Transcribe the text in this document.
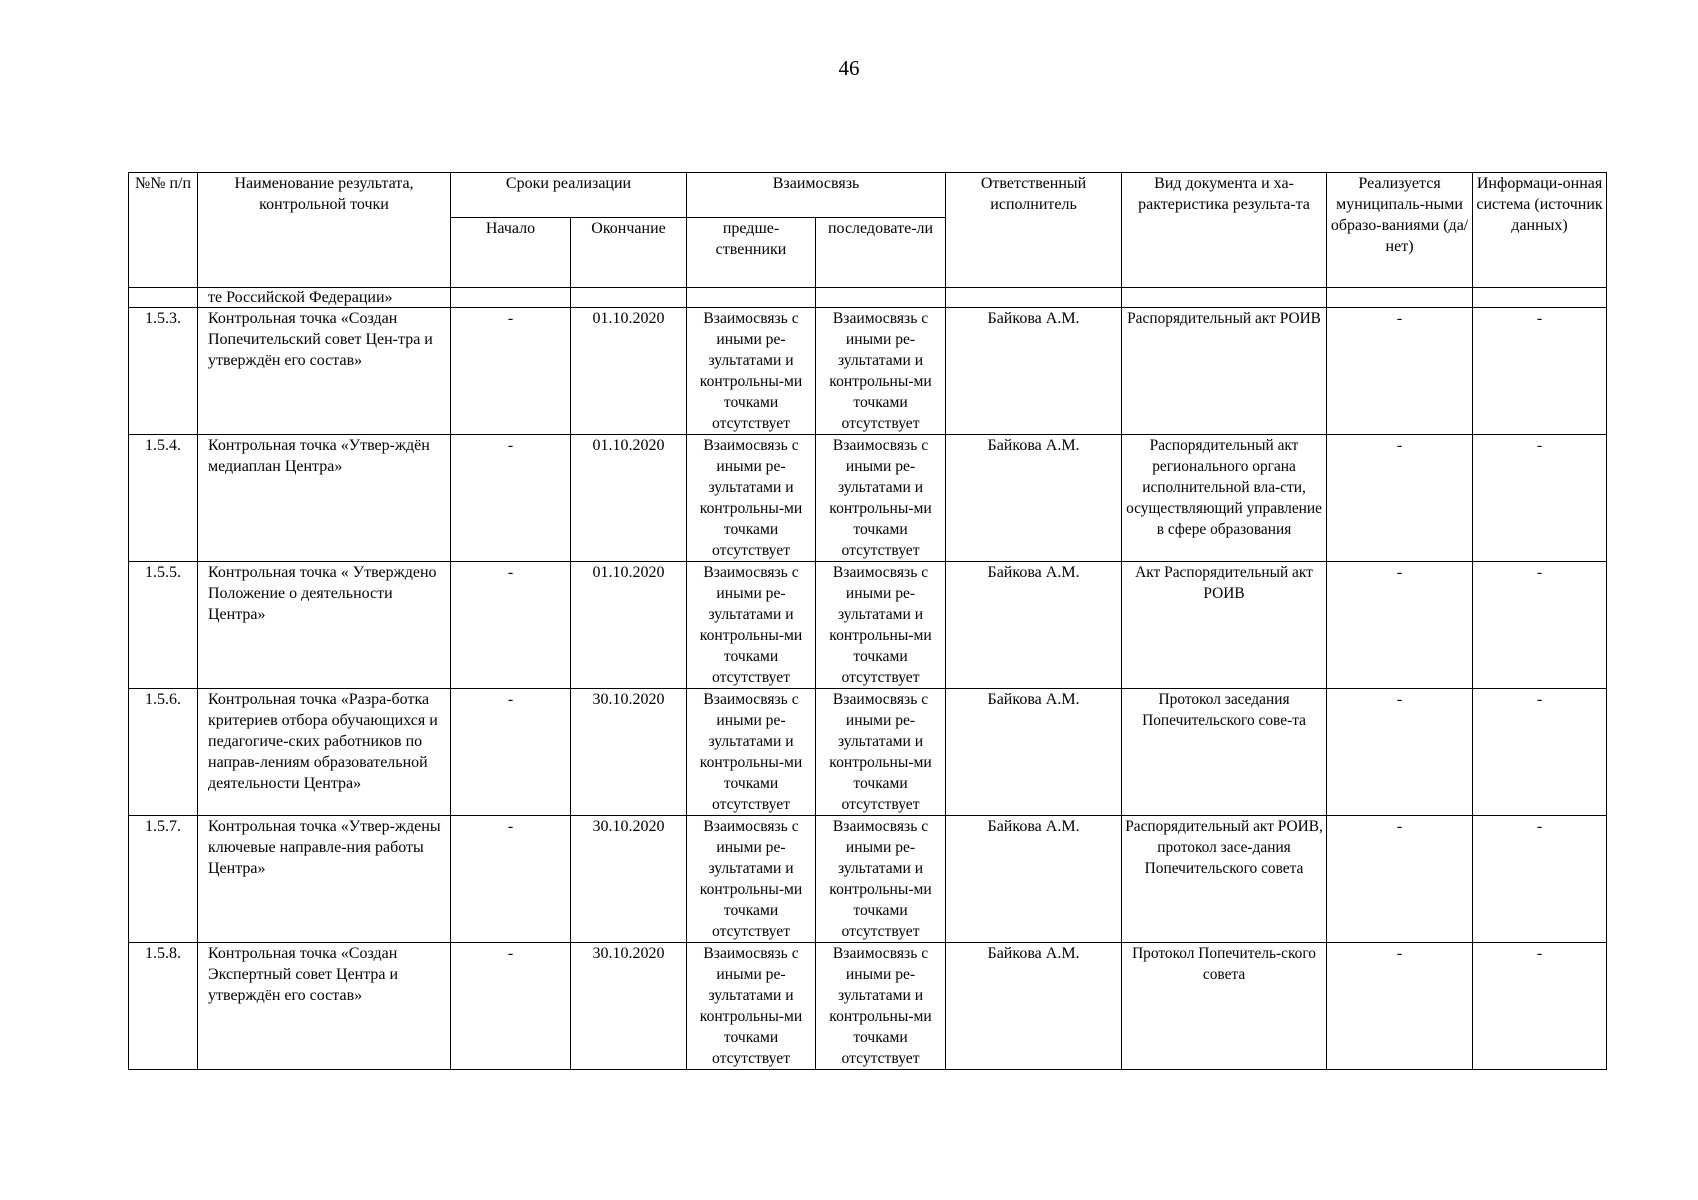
46
№№ п/п	Наименование результата, контрольной точки	Сроки реализации		Взаимосвязь		Ответственный исполнитель	Вид документа и ха-рактеристика результа-та	Реализуется муниципаль-ными образо-ваниями (да/нет)	Информаци-онная система (источник данных)
		Начало	Окончание	предше-ственники	последовате-ли				
	те Российской Федерации»								
1.5.3.	Контрольная точка «Создан Попечительский совет Цен-тра и утверждён его состав»	-	01.10.2020	Взаимосвязь с иными ре-зультатами и контрольны-ми точками отсутствует	Взаимосвязь с иными ре-зультатами и контрольны-ми точками отсутствует	Байкова А.М.	Распорядительный акт РОИВ	-	-
1.5.4.	Контрольная точка «Утвер-ждён медиаплан Центра»	-	01.10.2020	Взаимосвязь с иными ре-зультатами и контрольны-ми точками отсутствует	Взаимосвязь с иными ре-зультатами и контрольны-ми точками отсутствует	Байкова А.М.	Распорядительный акт регионального органа исполнительной вла-сти, осуществляющий управление в сфере образования	-	-
1.5.5.	Контрольная точка « Утверждено Положение о деятельности Центра»	-	01.10.2020	Взаимосвязь с иными ре-зультатами и контрольны-ми точками отсутствует	Взаимосвязь с иными ре-зультатами и контрольны-ми точками отсутствует	Байкова А.М.	Акт Распорядительный акт РОИВ	-	-
1.5.6.	Контрольная точка «Разра-ботка критериев отбора обучающихся и педагогиче-ских работников по направ-лениям образовательной деятельности Центра»	-	30.10.2020	Взаимосвязь с иными ре-зультатами и контрольны-ми точками отсутствует	Взаимосвязь с иными ре-зультатами и контрольны-ми точками отсутствует	Байкова А.М.	Протокол заседания Попечительского сове-та	-	-
1.5.7.	Контрольная точка «Утвер-ждены ключевые направле-ния работы Центра»	-	30.10.2020	Взаимосвязь с иными ре-зультатами и контрольны-ми точками отсутствует	Взаимосвязь с иными ре-зультатами и контрольны-ми точками отсутствует	Байкова А.М.	Распорядительный акт РОИВ, протокол засе-дания Попечительского совета	-	-
1.5.8.	Контрольная точка «Создан Экспертный совет Центра и утверждён его состав»	-	30.10.2020	Взаимосвязь с иными ре-зультатами и контрольны-ми точками отсутствует	Взаимосвязь с иными ре-зультатами и контрольны-ми точками отсутствует	Байкова А.М.	Протокол Попечитель-ского совета	-	-
